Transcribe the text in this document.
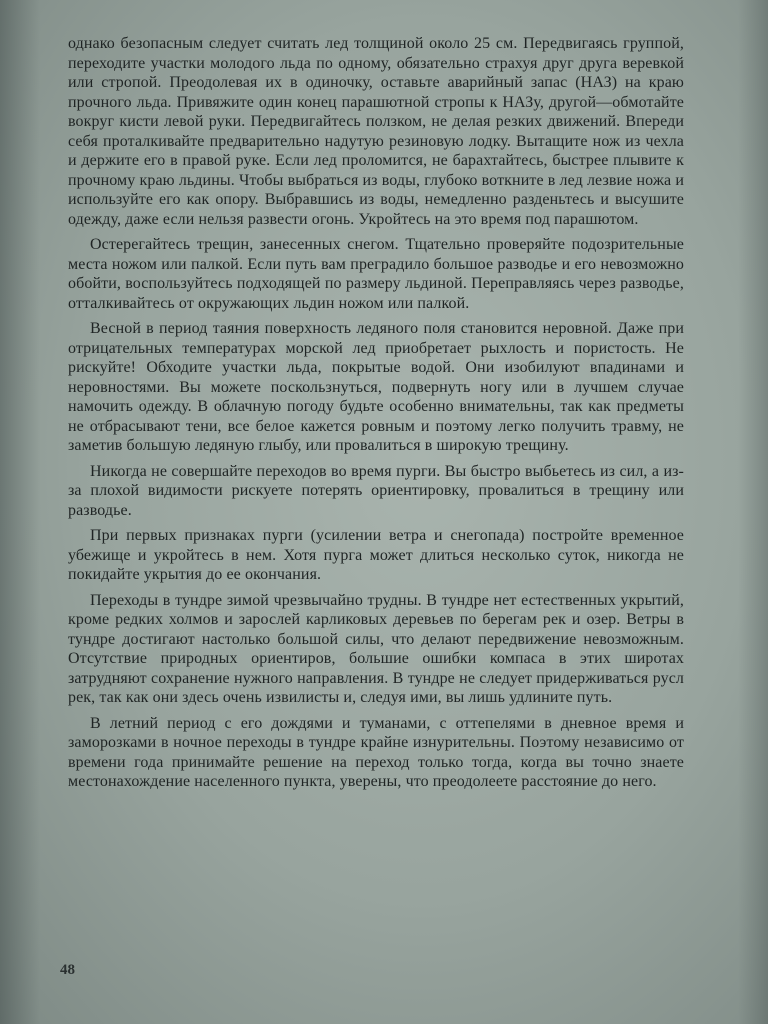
однако безопасным следует считать лед толщиной около 25 см. Передвигаясь группой, переходите участки молодого льда по одному, обязательно страхуя друг друга веревкой или стропой. Преодолевая их в одиночку, оставьте аварийный запас (НАЗ) на краю прочного льда. Привяжите один конец парашютной стропы к НАЗу, другой—обмотайте вокруг кисти левой руки. Передвигайтесь ползком, не делая резких движений. Впереди себя проталкивайте предварительно надутую резиновую лодку. Вытащите нож из чехла и держите его в правой руке. Если лед проломится, не барахтайтесь, быстрее плывите к прочному краю льдины. Чтобы выбраться из воды, глубоко воткните в лед лезвие ножа и используйте его как опору. Выбравшись из воды, немедленно разденьтесь и высушите одежду, даже если нельзя развести огонь. Укройтесь на это время под парашютом.

Остерегайтесь трещин, занесенных снегом. Тщательно проверяйте подозрительные места ножом или палкой. Если путь вам преградило большое разводье и его невозможно обойти, воспользуйтесь подходящей по размеру льдиной. Переправляясь через разводье, отталкивайтесь от окружающих льдин ножом или палкой.

Весной в период таяния поверхность ледяного поля становится неровной. Даже при отрицательных температурах морской лед приобретает рыхлость и пористость. Не рискуйте! Обходите участки льда, покрытые водой. Они изобилуют впадинами и неровностями. Вы можете поскользнуться, подвернуть ногу или в лучшем случае намочить одежду. В облачную погоду будьте особенно внимательны, так как предметы не отбрасывают тени, все белое кажется ровным и поэтому легко получить травму, не заметив большую ледяную глыбу, или провалиться в широкую трещину.

Никогда не совершайте переходов во время пурги. Вы быстро выбьетесь из сил, а из-за плохой видимости рискуете потерять ориентировку, провалиться в трещину или разводье.

При первых признаках пурги (усилении ветра и снегопада) постройте временное убежище и укройтесь в нем. Хотя пурга может длиться несколько суток, никогда не покидайте укрытия до ее окончания.

Переходы в тундре зимой чрезвычайно трудны. В тундре нет естественных укрытий, кроме редких холмов и зарослей карликовых деревьев по берегам рек и озер. Ветры в тундре достигают настолько большой силы, что делают передвижение невозможным. Отсутствие природных ориентиров, большие ошибки компаса в этих широтах затрудняют сохранение нужного направления. В тундре не следует придерживаться русл рек, так как они здесь очень извилисты и, следуя ими, вы лишь удлините путь.

В летний период с его дождями и туманами, с оттепелями в дневное время и заморозками в ночное переходы в тундре крайне изнурительны. Поэтому независимо от времени года принимайте решение на переход только тогда, когда вы точно знаете местонахождение населенного пункта, уверены, что преодолеете расстояние до него.

48
